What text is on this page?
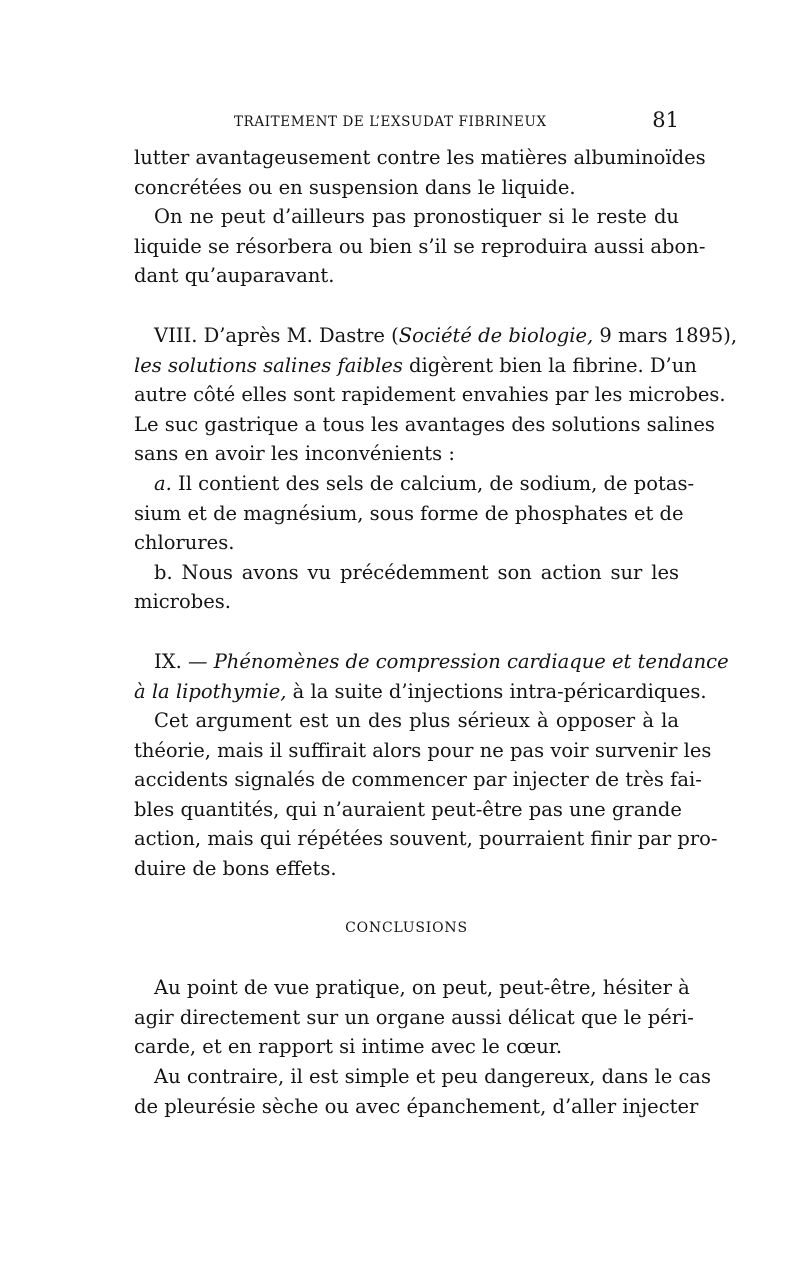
TRAITEMENT DE L’EXSUDAT FIBRINEUX	81
lutter avantageusement contre les matières albuminoïdes
concrétées ou en suspension dans le liquide.
On ne peut d’ailleurs pas pronostiquer si le reste du
liquide se résorbera ou bien s’il se reproduira aussi abon-
dant qu’auparavant.
VIII. D’après M. Dastre (Société de biologie, 9 mars 1895),
les solutions salines faibles digèrent bien la fibrine. D’un
autre côté elles sont rapidement envahies par les microbes.
Le suc gastrique a tous les avantages des solutions salines
sans en avoir les inconvénients :
a. Il contient des sels de calcium, de sodium, de potas-
sium et de magnésium, sous forme de phosphates et de
chlorures.
b. Nous avons vu précédemment son action sur les
microbes.
IX. — Phénomènes de compression cardiaque et tendance
à la lipothymie, à la suite d’injections intra-péricardiques.
Cet argument est un des plus sérieux à opposer à la
théorie, mais il suffirait alors pour ne pas voir survenir les
accidents signalés de commencer par injecter de très fai-
bles quantités, qui n’auraient peut-être pas une grande
action, mais qui répétées souvent, pourraient finir par pro-
duire de bons effets.
CONCLUSIONS
Au point de vue pratique, on peut, peut-être, hésiter à
agir directement sur un organe aussi délicat que le péri-
carde, et en rapport si intime avec le cœur.
Au contraire, il est simple et peu dangereux, dans le cas
de pleurésie sèche ou avec épanchement, d’aller injecter
